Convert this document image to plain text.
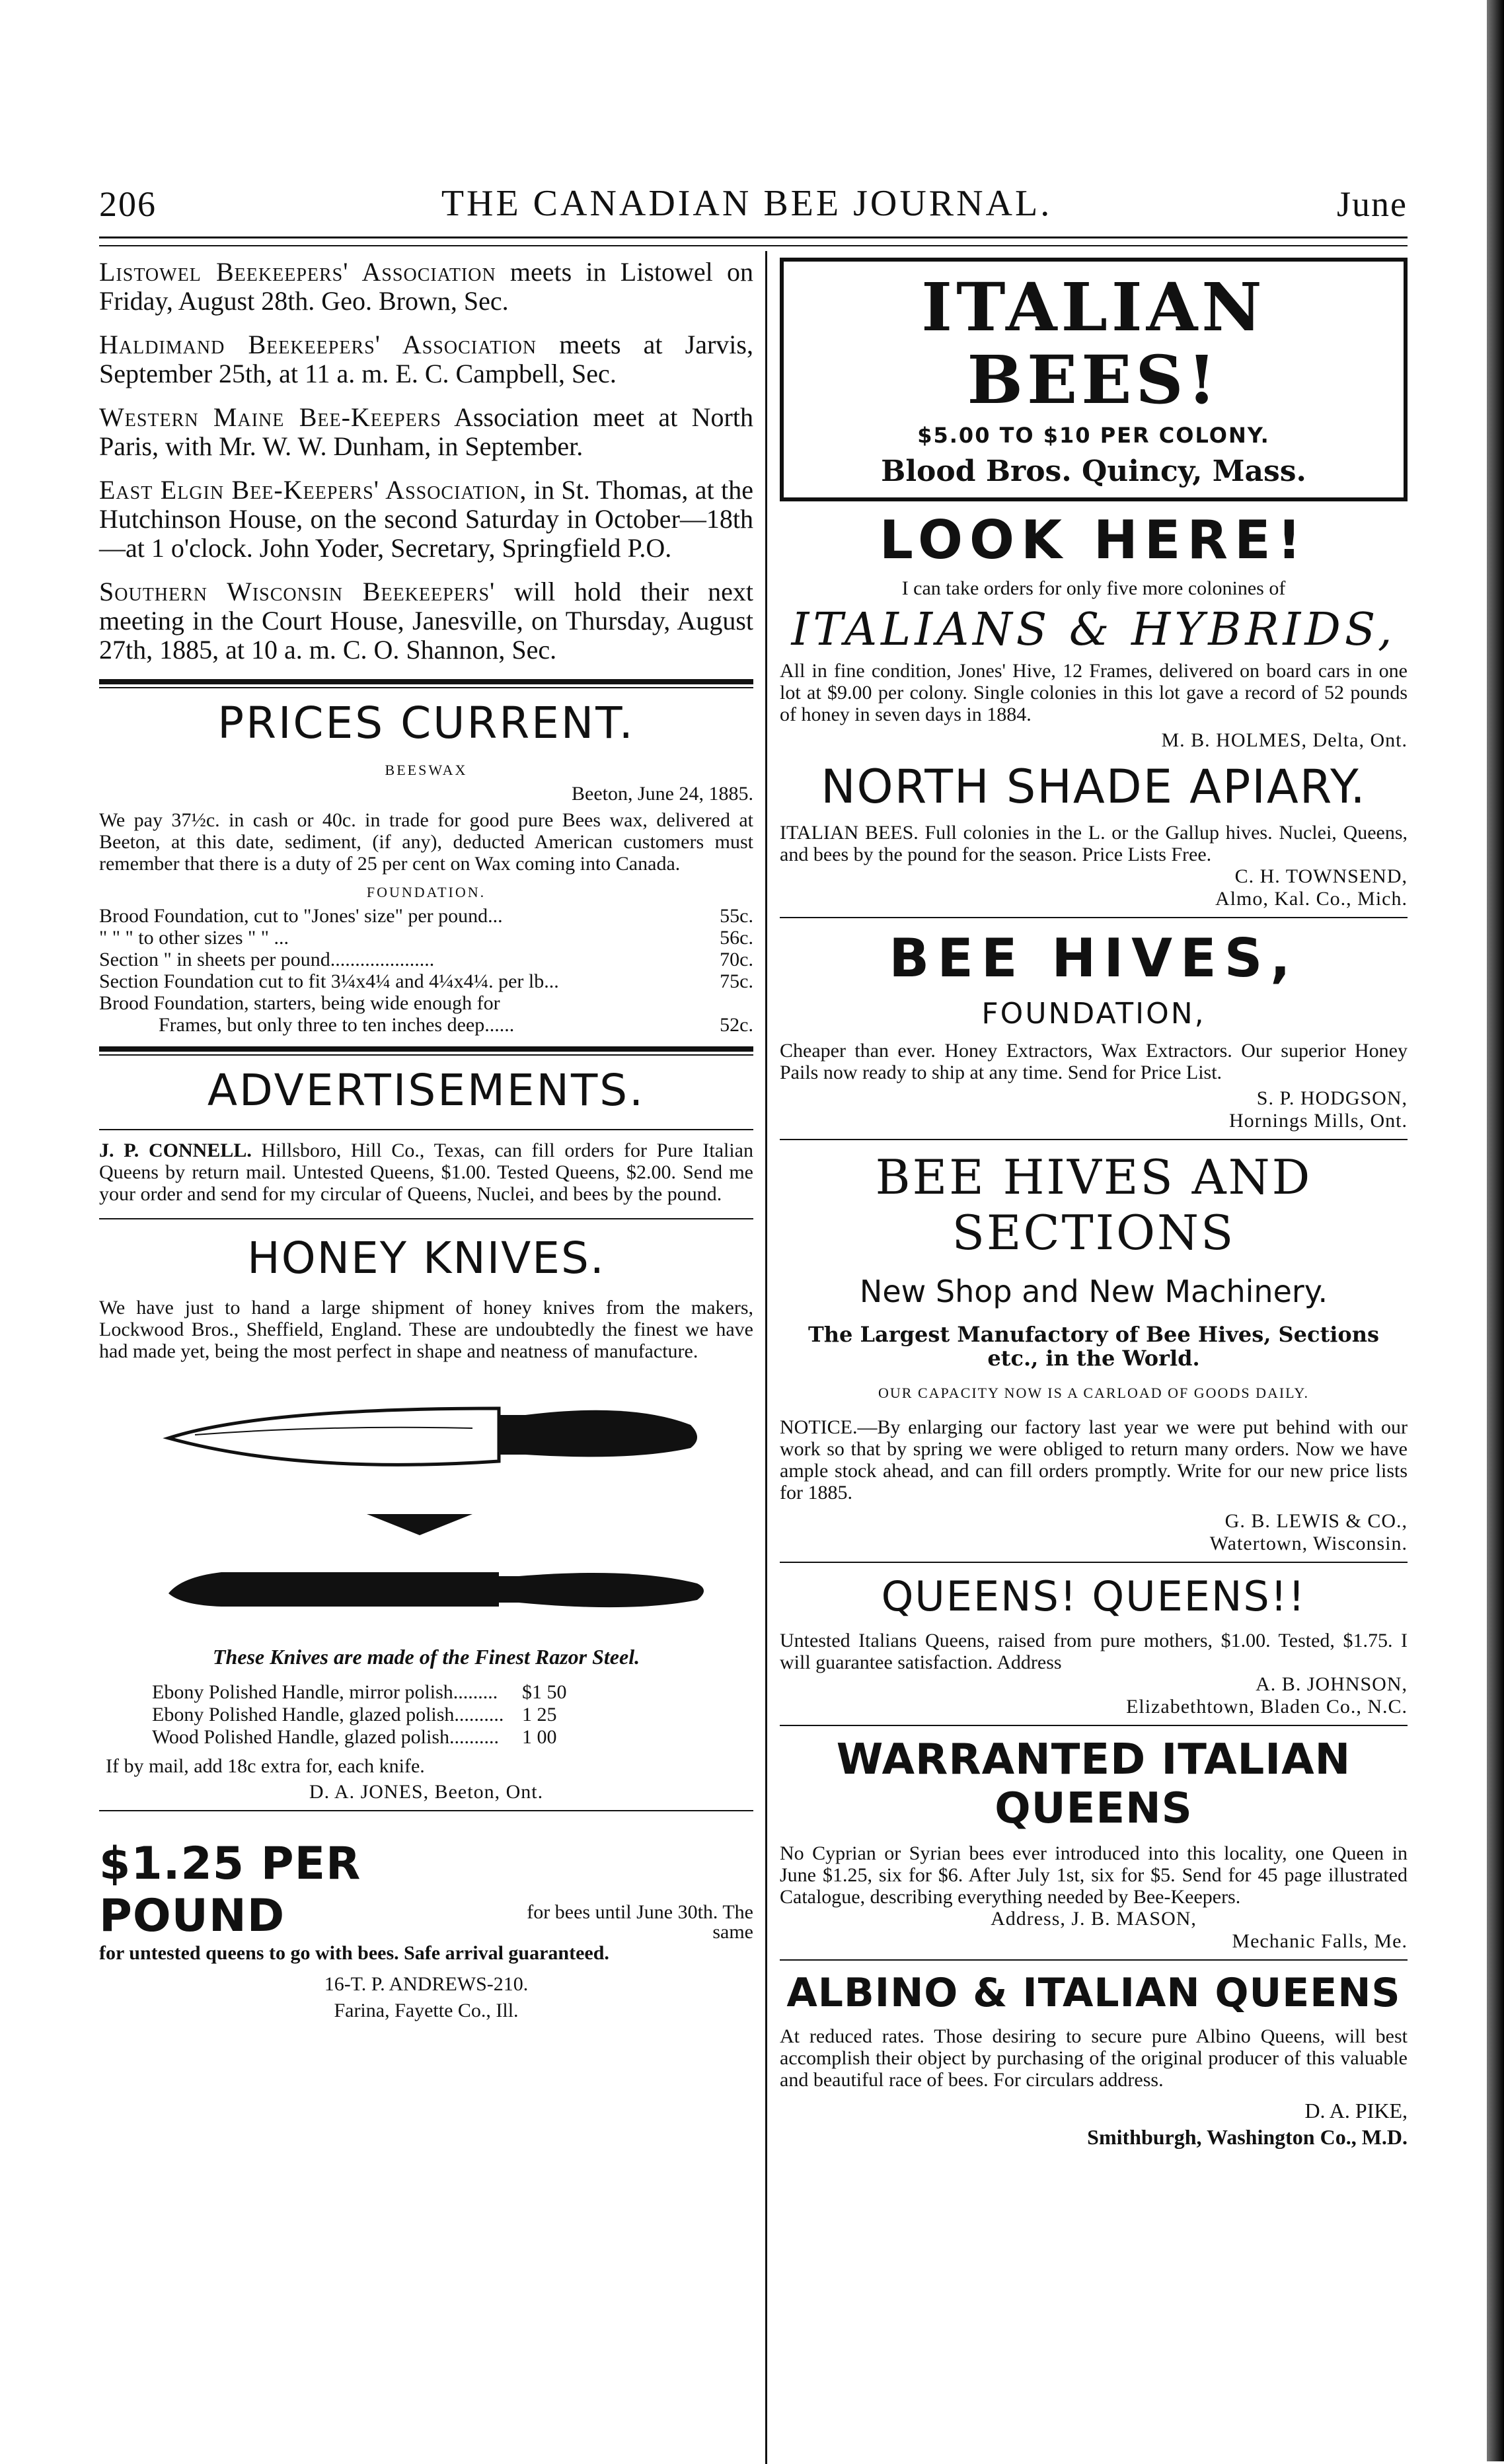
206	THE CANADIAN BEE JOURNAL.	June

Listowel Beekeepers' Association meets in Listowel on Friday, August 28th. Geo. Brown, Sec.

Haldimand Beekeepers' Association meets at Jarvis, September 25th, at 11 a. m. E. C. Campbell, Sec.

Western Maine Bee-Keepers Association meet at North Paris, with Mr. W. W. Dunham, in September.

East Elgin Bee-Keepers' Association, in St. Thomas, at the Hutchinson House, on the second Saturday in October—18th—at 1 o'clock. John Yoder, Secretary, Springfield P.O.

Southern Wisconsin Beekeepers' will hold their next meeting in the Court House, Janesville, on Thursday, August 27th, 1885, at 10 a. m. C. O. Shannon, Sec.

PRICES CURRENT.
BEESWAX
Beeton, June 24, 1885.

We pay 37½c. in cash or 40c. in trade for good pure Bees wax, delivered at Beeton, at this date, sediment, (if any), deducted American customers must remember that there is a duty of 25 per cent on Wax coming into Canada.

FOUNDATION.
Brood Foundation, cut to "Jones' size" per pound...	55c.
" " " to other sizes " " ...	56c.
Section " in sheets per pound.....................	70c.
Section Foundation cut to fit 3¼x4¼ and 4¼x4¼. per lb...	75c.
Brood Foundation, starters, being wide enough for
Frames, but only three to ten inches deep......	52c.
ADVERTISEMENTS.

J. P. CONNELL. Hillsboro, Hill Co., Texas, can fill orders for Pure Italian Queens by return mail. Untested Queens, $1.00. Tested Queens, $2.00. Send me your order and send for my circular of Queens, Nuclei, and bees by the pound.

HONEY KNIVES.

We have just to hand a large shipment of honey knives from the makers, Lockwood Bros., Sheffield, England. These are undoubtedly the finest we have had made yet, being the most perfect in shape and neatness of manufacture.

These Knives are made of the Finest Razor Steel.
Ebony Polished Handle, mirror polish.........	$1 50
Ebony Polished Handle, glazed polish.......... 1 25
Wood Polished Handle, glazed polish..........	1 00

If by mail, add 18c extra for, each knife.

D. A. JONES, Beeton, Ont.
$1.25 PER POUND	for bees until June 30th. The same

for untested queens to go with bees. Safe arrival guaranteed.

16-T. P. ANDREWS-210.
Farina, Fayette Co., Ill.
ITALIAN BEES!
$5.00 TO $10 PER COLONY.
Blood Bros. Quincy, Mass.
LOOK HERE!
I can take orders for only five more colonines of
ITALIANS & HYBRIDS,

All in fine condition, Jones' Hive, 12 Frames, delivered on board cars in one lot at $9.00 per colony. Single colonies in this lot gave a record of 52 pounds of honey in seven days in 1884.

M. B. HOLMES, Delta, Ont.
NORTH SHADE APIARY.

ITALIAN BEES. Full colonies in the L. or the Gallup hives. Nuclei, Queens, and bees by the pound for the season. Price Lists Free.

C. H. TOWNSEND,
Almo, Kal. Co., Mich.
BEE HIVES,
FOUNDATION,

Cheaper than ever. Honey Extractors, Wax Extractors. Our superior Honey Pails now ready to ship at any time. Send for Price List.

S. P. HODGSON,
Hornings Mills, Ont.
BEE HIVES AND SECTIONS
New Shop and New Machinery.
The Largest Manufactory of Bee Hives, Sections etc., in the World.
OUR CAPACITY NOW IS A CARLOAD OF GOODS DAILY.

NOTICE.—By enlarging our factory last year we were put behind with our work so that by spring we were obliged to return many orders. Now we have ample stock ahead, and can fill orders promptly. Write for our new price lists for 1885.

G. B. LEWIS & CO.,
Watertown, Wisconsin.
QUEENS! QUEENS!!

Untested Italians Queens, raised from pure mothers, $1.00. Tested, $1.75. I will guarantee satisfaction. Address

A. B. JOHNSON,
Elizabethtown, Bladen Co., N.C.
WARRANTED ITALIAN QUEENS

No Cyprian or Syrian bees ever introduced into this locality, one Queen in June $1.25, six for $6. After July 1st, six for $5. Send for 45 page illustrated Catalogue, describing everything needed by Bee-Keepers.

Address, J. B. MASON,
Mechanic Falls, Me.
ALBINO & ITALIAN QUEENS

At reduced rates. Those desiring to secure pure Albino Queens, will best accomplish their object by purchasing of the original producer of this valuable and beautiful race of bees. For circulars address.

D. A. PIKE,
Smithburgh, Washington Co., M.D.
